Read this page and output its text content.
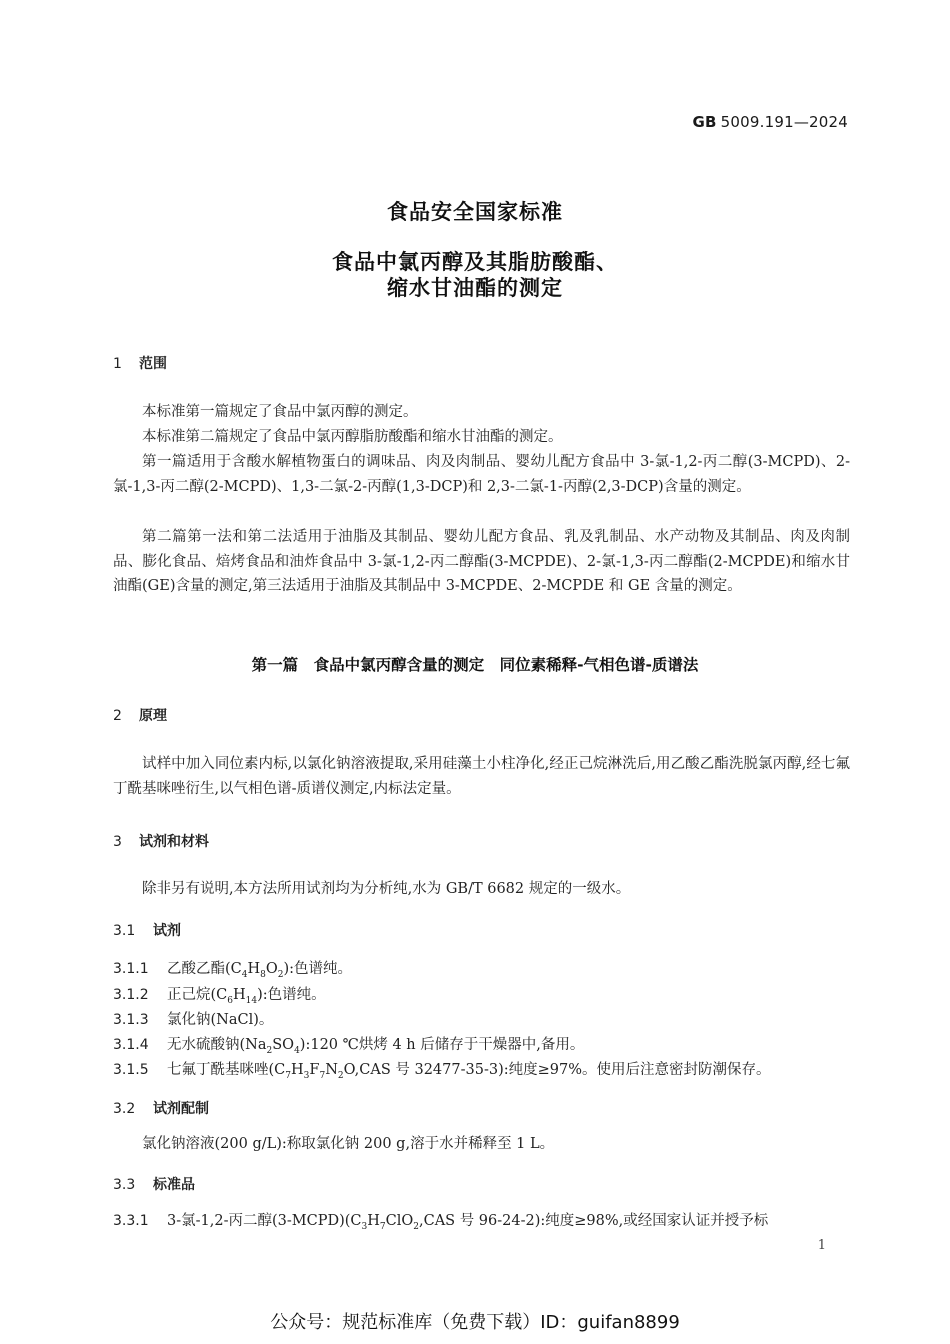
GB 5009.191—2024
食品安全国家标准
食品中氯丙醇及其脂肪酸酯、
缩水甘油酯的测定
1 范围
本标准第一篇规定了食品中氯丙醇的测定。
本标准第二篇规定了食品中氯丙醇脂肪酸酯和缩水甘油酯的测定。
第一篇适用于含酸水解植物蛋白的调味品、肉及肉制品、婴幼儿配方食品中 3-氯-1,2-丙二醇(3-MCPD)、2-氯-1,3-丙二醇(2-MCPD)、1,3-二氯-2-丙醇(1,3-DCP)和 2,3-二氯-1-丙醇(2,3-DCP)含量的测定。
第二篇第一法和第二法适用于油脂及其制品、婴幼儿配方食品、乳及乳制品、水产动物及其制品、肉及肉制品、膨化食品、焙烤食品和油炸食品中 3-氯-1,2-丙二醇酯(3-MCPDE)、2-氯-1,3-丙二醇酯(2-MCPDE)和缩水甘油酯(GE)含量的测定,第三法适用于油脂及其制品中 3-MCPDE、2-MCPDE 和 GE 含量的测定。
第一篇　食品中氯丙醇含量的测定　同位素稀释-气相色谱-质谱法
2 原理
试样中加入同位素内标,以氯化钠溶液提取,采用硅藻土小柱净化,经正己烷淋洗后,用乙酸乙酯洗脱氯丙醇,经七氟丁酰基咪唑衍生,以气相色谱-质谱仪测定,内标法定量。
3 试剂和材料
除非另有说明,本方法所用试剂均为分析纯,水为 GB/T 6682 规定的一级水。
3.1 试剂
3.1.1 乙酸乙酯$(C_4H_8O_2)$:色谱纯。
3.1.2 正己烷$(C_6H_{14})$:色谱纯。
3.1.3 氯化钠(NaCl)。
3.1.4 无水硫酸钠$(Na_2SO_4):120$ ℃烘烤 4 h 后储存于干燥器中,备用。
3.1.5 七氟丁酰基咪唑($C_7H_3F_7N_2O,CAS$ 号 32477-35-3):纯度≥97%。使用后注意密封防潮保存。
3.2 试剂配制
氯化钠溶液(200 g/L):称取氯化钠 200 g,溶于水并稀释至 1 L。
3.3 标准品
3.3.1 3-氯-1,2-丙二醇$(3-MCPD)(C_3H_7ClO_2,CAS$ 号 96-24-2):纯度≥98%,或经国家认证并授予标
1
公众号：规范标准库（免费下载）ID：guifan8899
